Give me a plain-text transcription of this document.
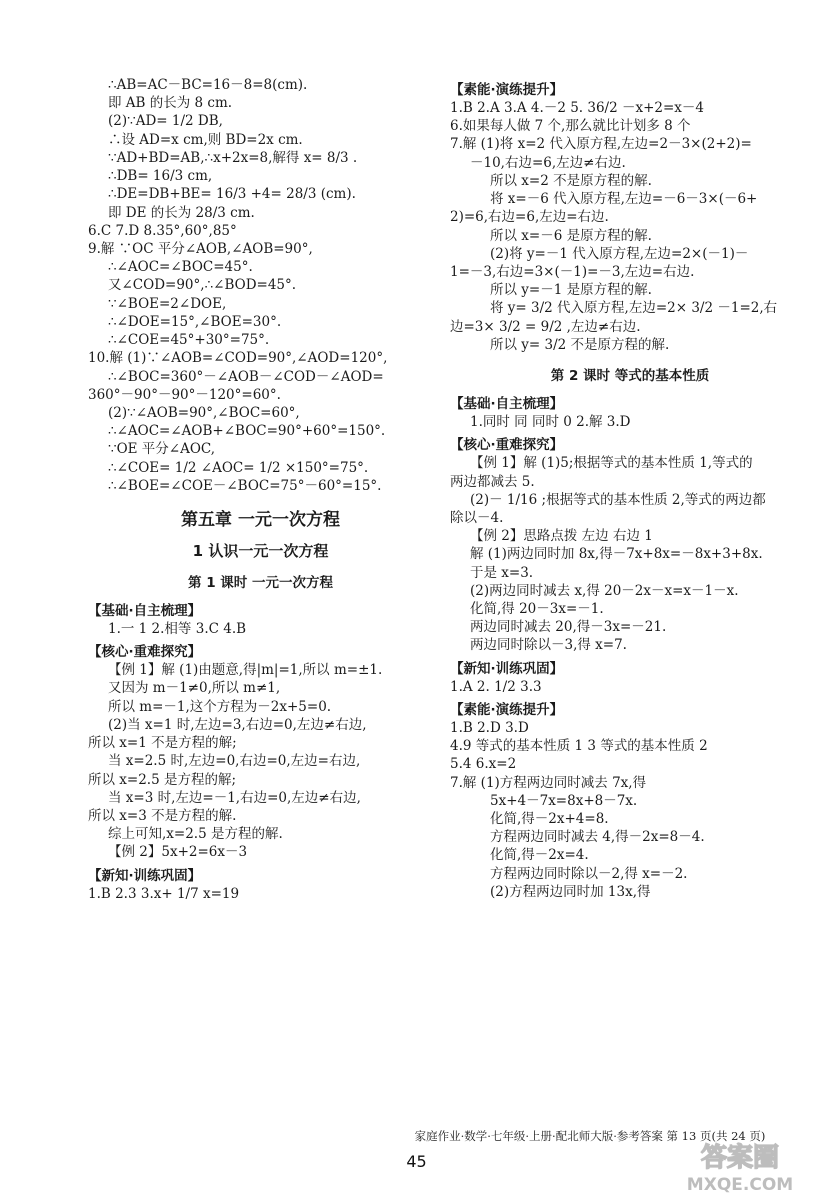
∴AB=AC－BC=16－8=8(cm).
即 AB 的长为 8 cm.
(2)∵AD= 1/2 DB,
∴设 AD=x cm,则 BD=2x cm.
∵AD+BD=AB,∴x+2x=8,解得 x= 8/3 .
∴DB= 16/3 cm,
∴DE=DB+BE= 16/3 +4= 28/3 (cm).
即 DE 的长为 28/3 cm.
6.C 7.D 8.35°,60°,85°
9.解 ∵OC 平分∠AOB,∠AOB=90°,
∴∠AOC=∠BOC=45°.
又∠COD=90°,∴∠BOD=45°.
∵∠BOE=2∠DOE,
∴∠DOE=15°,∠BOE=30°.
∴∠COE=45°+30°=75°.
10.解 (1)∵∠AOB=∠COD=90°,∠AOD=120°,
∴∠BOC=360°－∠AOB－∠COD－∠AOD=
360°－90°－90°－120°=60°.
(2)∵∠AOB=90°,∠BOC=60°,
∴∠AOC=∠AOB+∠BOC=90°+60°=150°.
∵OE 平分∠AOC,
∴∠COE= 1/2 ∠AOC= 1/2 ×150°=75°.
∴∠BOE=∠COE－∠BOC=75°－60°=15°.
第五章 一元一次方程
1 认识一元一次方程
第 1 课时 一元一次方程
【基础·自主梳理】
1.一 1 2.相等 3.C 4.B
【核心·重难探究】
【例 1】解 (1)由题意,得|m|=1,所以 m=±1.
又因为 m－1≠0,所以 m≠1,
所以 m=－1,这个方程为－2x+5=0.
(2)当 x=1 时,左边=3,右边=0,左边≠右边,
所以 x=1 不是方程的解;
当 x=2.5 时,左边=0,右边=0,左边=右边,
所以 x=2.5 是方程的解;
当 x=3 时,左边=－1,右边=0,左边≠右边,
所以 x=3 不是方程的解.
综上可知,x=2.5 是方程的解.
【例 2】5x+2=6x－3
【新知·训练巩固】
1.B 2.3 3.x+ 1/7 x=19
【素能·演练提升】
1.B 2.A 3.A 4.－2 5. 36/2 －x+2=x－4
6.如果每人做 7 个,那么就比计划多 8 个
7.解 (1)将 x=2 代入原方程,左边=2－3×(2+2)=
－10,右边=6,左边≠右边.
所以 x=2 不是原方程的解.
将 x=－6 代入原方程,左边=－6－3×(－6+
2)=6,右边=6,左边=右边.
所以 x=－6 是原方程的解.
(2)将 y=－1 代入原方程,左边=2×(－1)－
1=－3,右边=3×(－1)=－3,左边=右边.
所以 y=－1 是原方程的解.
将 y= 3/2 代入原方程,左边=2× 3/2 －1=2,右
边=3× 3/2 = 9/2 ,左边≠右边.
所以 y= 3/2 不是原方程的解.
第 2 课时 等式的基本性质
【基础·自主梳理】
1.同时 同 同时 0 2.解 3.D
【核心·重难探究】
【例 1】解 (1)5;根据等式的基本性质 1,等式的
两边都减去 5.
(2)－ 1/16 ;根据等式的基本性质 2,等式的两边都
除以－4.
【例 2】思路点拨 左边 右边 1
解 (1)两边同时加 8x,得－7x+8x=－8x+3+8x.
于是 x=3.
(2)两边同时减去 x,得 20－2x－x=x－1－x.
化简,得 20－3x=－1.
两边同时减去 20,得－3x=－21.
两边同时除以－3,得 x=7.
【新知·训练巩固】
1.A 2. 1/2 3.3
【素能·演练提升】
1.B 2.D 3.D
4.9 等式的基本性质 1 3 等式的基本性质 2
5.4 6.x=2
7.解 (1)方程两边同时减去 7x,得
5x+4－7x=8x+8－7x.
化简,得－2x+4=8.
方程两边同时减去 4,得－2x=8－4.
化简,得－2x=4.
方程两边同时除以－2,得 x=－2.
(2)方程两边同时加 13x,得
家庭作业·数学·七年级·上册·配北师大版·参考答案 第 13 页(共 24 页)
45	答案圈
MXQE.COM
